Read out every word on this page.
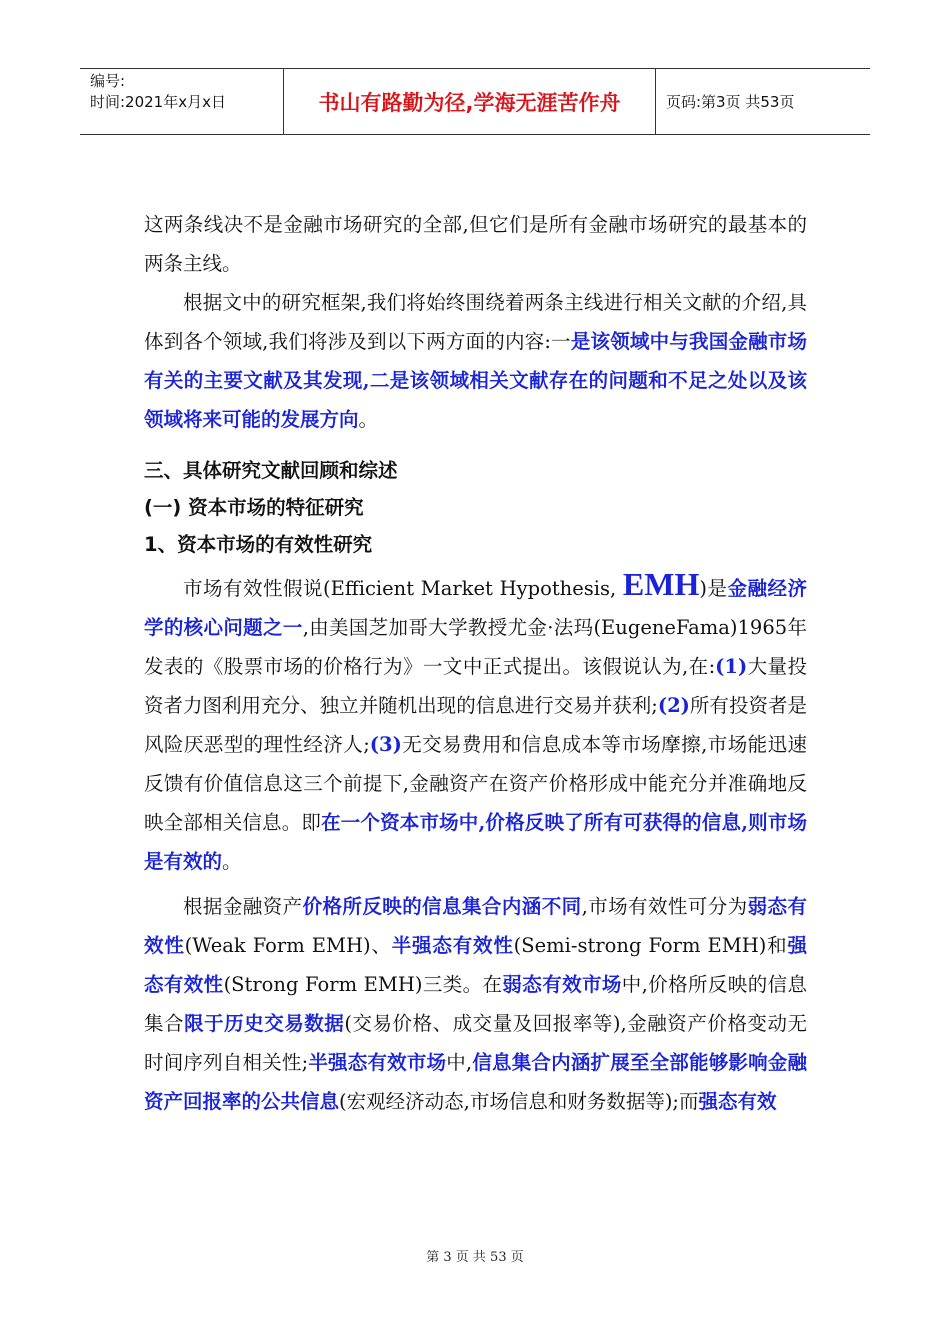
编号:
时间:2021年x月x日	书山有路勤为径,学海无涯苦作舟	页码:第3页 共53页

这两条线决不是金融市场研究的全部,但它们是所有金融市场研究的最基本的两条主线。

根据文中的研究框架,我们将始终围绕着两条主线进行相关文献的介绍,具体到各个领域,我们将涉及到以下两方面的内容:一是该领域中与我国金融市场有关的主要文献及其发现,二是该领域相关文献存在的问题和不足之处以及该领域将来可能的发展方向。

三、具体研究文献回顾和综述
(一) 资本市场的特征研究
1、资本市场的有效性研究

市场有效性假说(Efficient Market Hypothesis, EMH)是金融经济学的核心问题之一,由美国芝加哥大学教授尤金·法玛(EugeneFama)1965年发表的《股票市场的价格行为》一文中正式提出。该假说认为,在:(1)大量投资者力图利用充分、独立并随机出现的信息进行交易并获利;(2)所有投资者是风险厌恶型的理性经济人;(3)无交易费用和信息成本等市场摩擦,市场能迅速反馈有价值信息这三个前提下,金融资产在资产价格形成中能充分并准确地反映全部相关信息。即在一个资本市场中,价格反映了所有可获得的信息,则市场是有效的。

根据金融资产价格所反映的信息集合内涵不同,市场有效性可分为弱态有效性(Weak Form EMH)、半强态有效性(Semi-strong Form EMH)和强态有效性(Strong Form EMH)三类。在弱态有效市场中,价格所反映的信息集合限于历史交易数据(交易价格、成交量及回报率等),金融资产价格变动无时间序列自相关性;半强态有效市场中,信息集合内涵扩展至全部能够影响金融资产回报率的公共信息(宏观经济动态,市场信息和财务数据等);而强态有效

第 3 页 共 53 页
